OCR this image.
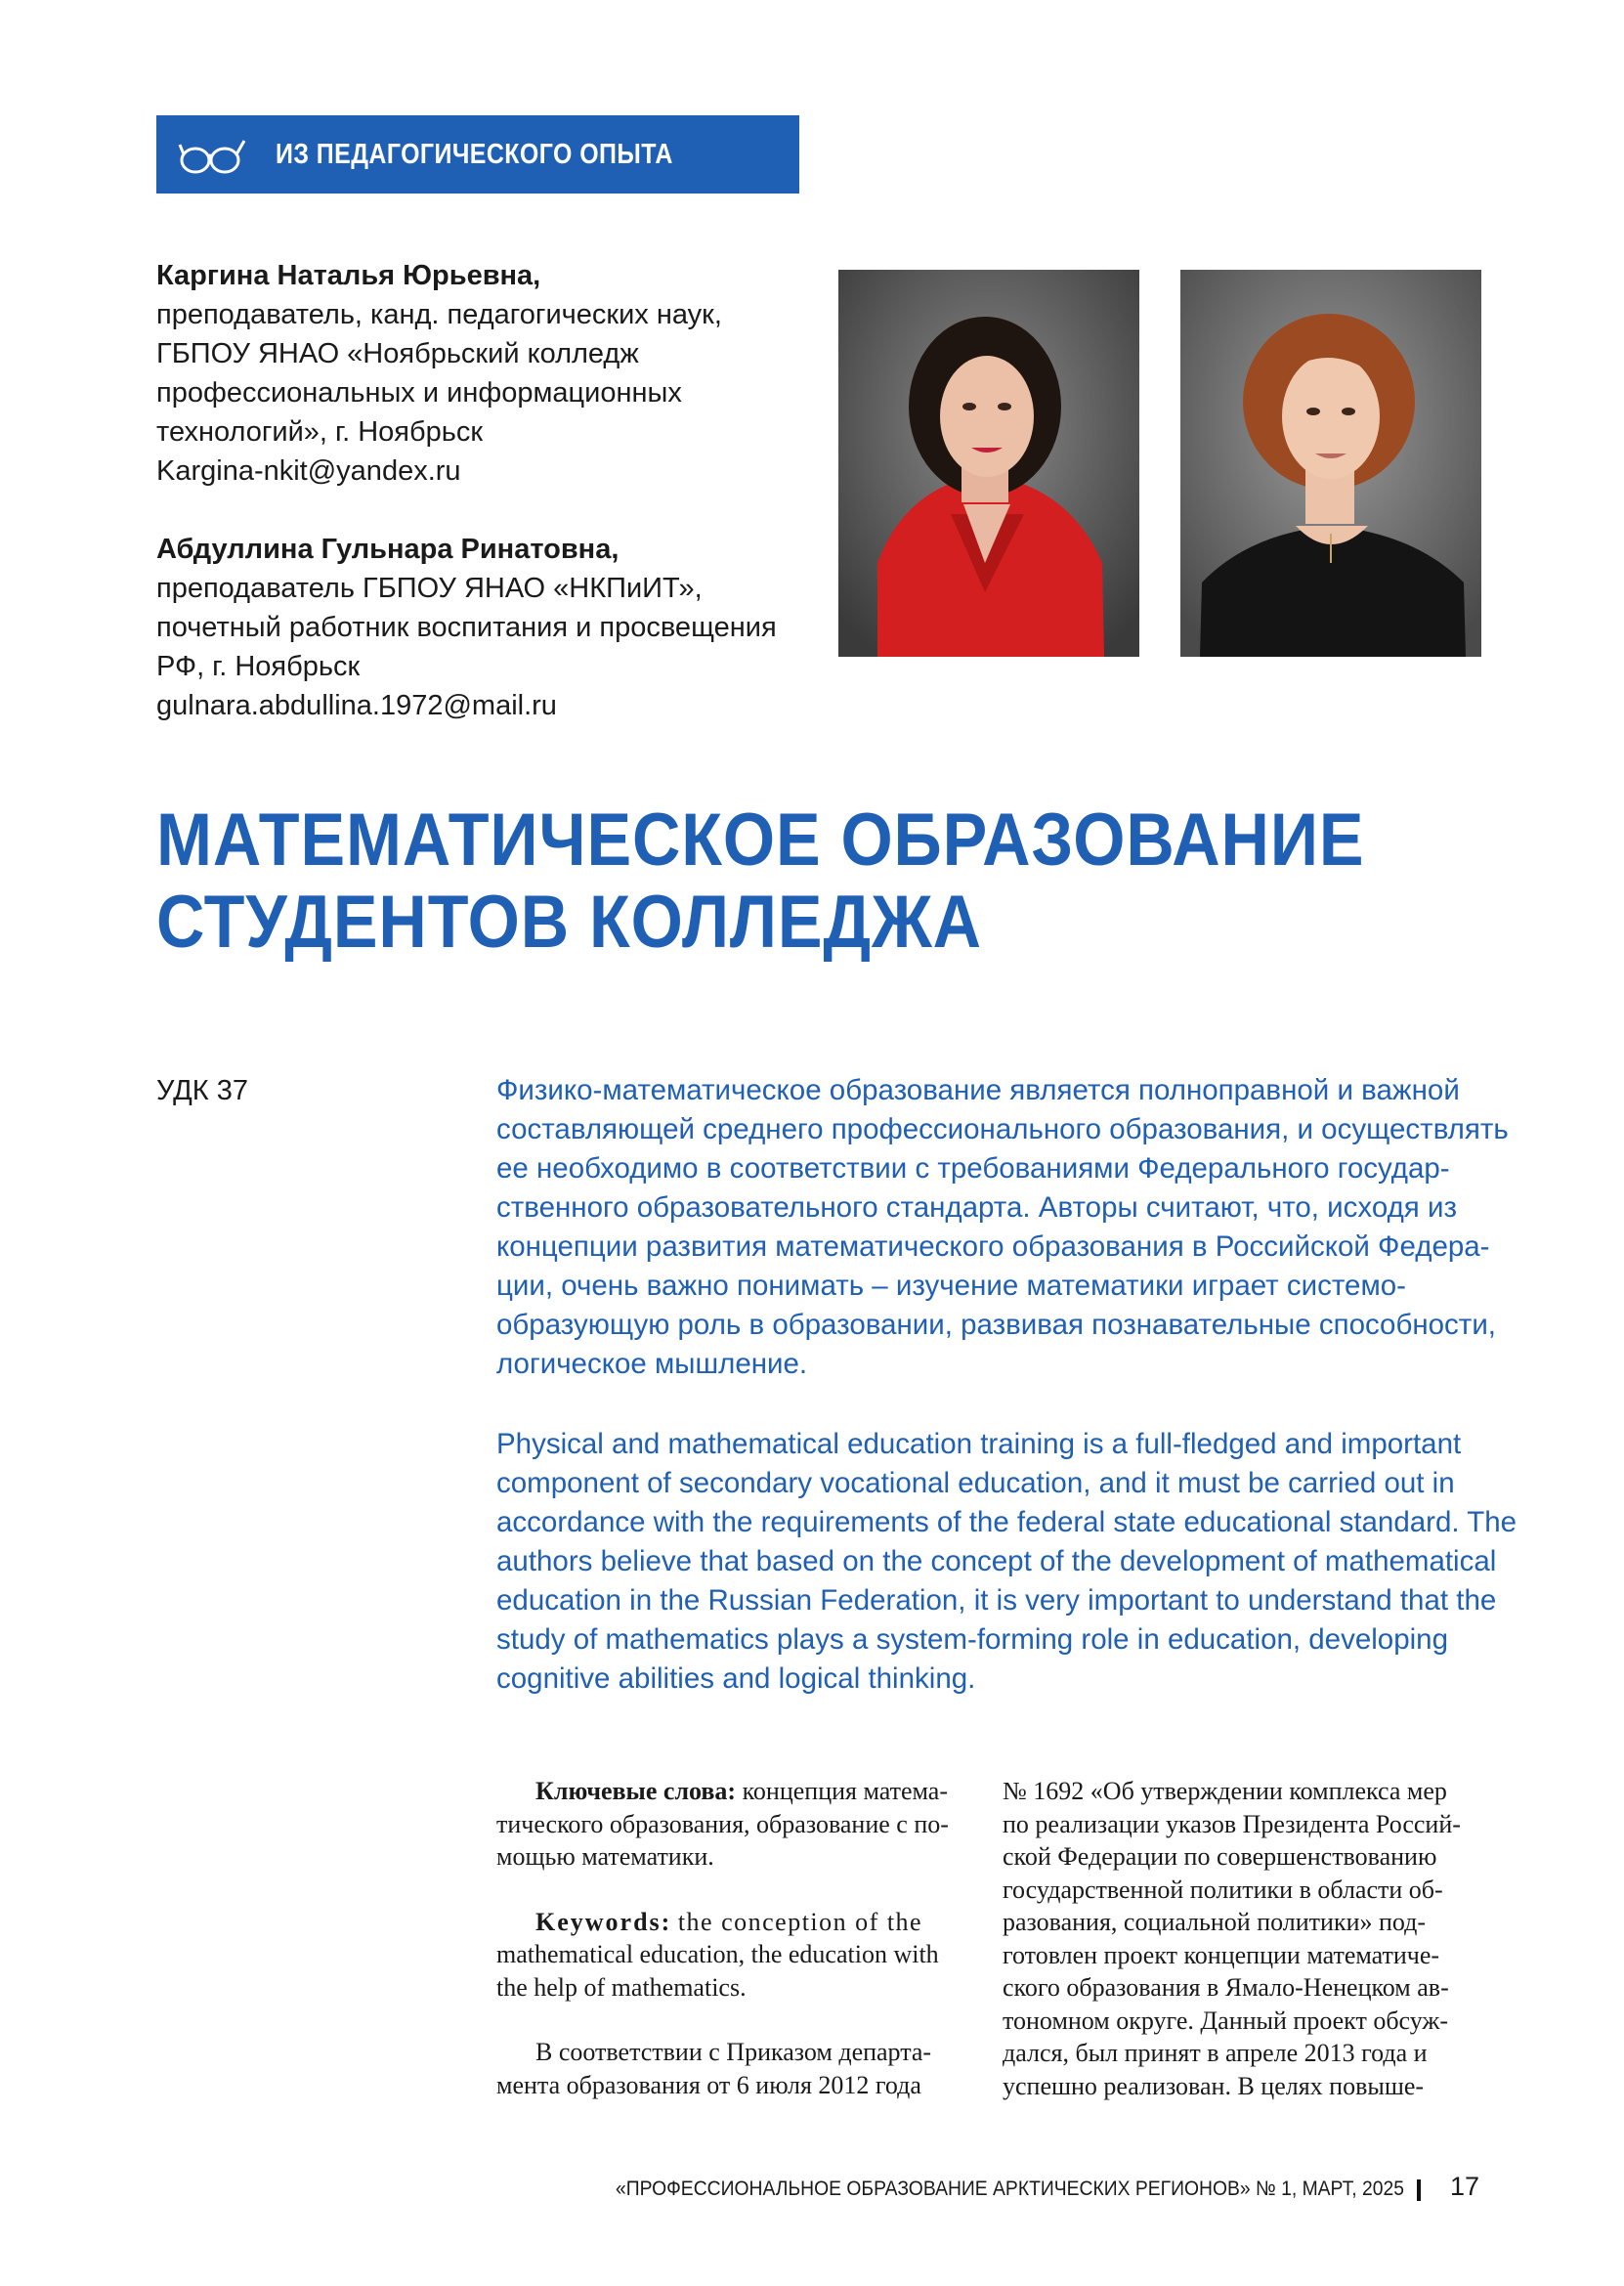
ИЗ ПЕДАГОГИЧЕСКОГО ОПЫТА
Каргина Наталья Юрьевна,
преподаватель, канд. педагогических наук,
ГБПОУ ЯНАО «Ноябрьский колледж
профессиональных и информационных
технологий», г. Ноябрьск
Kargina-nkit@yandex.ru
Абдуллина Гульнара Ринатовна,
преподаватель ГБПОУ ЯНАО «НКПиИТ»,
почетный работник воспитания и просвещения
РФ, г. Ноябрьск
gulnara.abdullina.1972@mail.ru
МАТЕМАТИЧЕСКОЕ ОБРАЗОВАНИЕ
СТУДЕНТОВ КОЛЛЕДЖА
УДК 37	Физико-математическое образование является полноправной и важной
составляющей среднего профессионального образования, и осуществлять
ее необходимо в соответствии с требованиями Федерального государ-
ственного образовательного стандарта. Авторы считают, что, исходя из
концепции развития математического образования в Российской Федера-
ции, очень важно понимать – изучение математики играет системо-
образующую роль в образовании, развивая познавательные способности,
логическое мышление.
Physical and mathematical education training is a full-fledged and important
component of secondary vocational education, and it must be carried out in
accordance with the requirements of the federal state educational standard. The
authors believe that based on the concept of the development of mathematical
education in the Russian Federation, it is very important to understand that the
study of mathematics plays a system-forming role in education, developing
cognitive abilities and logical thinking.
Ключевые слова: концепция матема-
тического образования, образование с по-
мощью математики.
Keywords: the conception of the
mathematical education, the education with
the help of mathematics.
В соответствии с Приказом департа-
мента образования от 6 июля 2012 года
№ 1692 «Об утверждении комплекса мер
по реализации указов Президента Россий-
ской Федерации по совершенствованию
государственной политики в области об-
разования, социальной политики» под-
готовлен проект концепции математиче-
ского образования в Ямало-Ненецком ав-
тономном округе. Данный проект обсуж-
дался, был принят в апреле 2013 года и
успешно реализован. В целях повыше-
«ПРОФЕССИОНАЛЬНОЕ ОБРАЗОВАНИЕ АРКТИЧЕСКИХ РЕГИОНОВ» № 1, МАРТ, 2025 17
